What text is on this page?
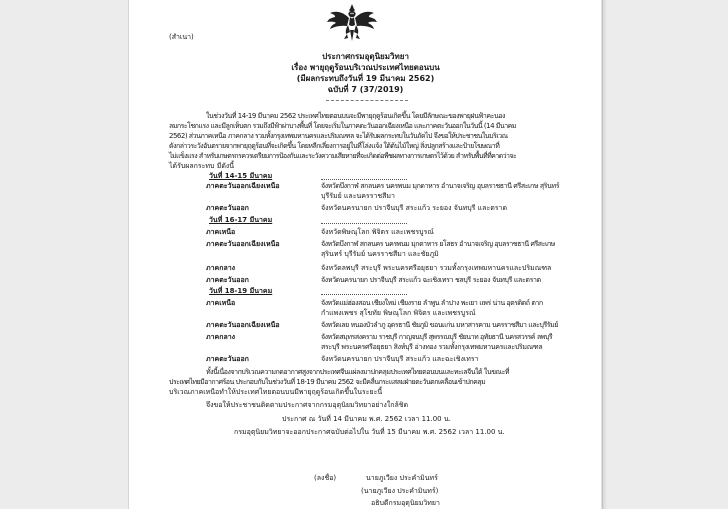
(สำเนา)
ประกาศกรมอุตุนิยมวิทยา
เรื่อง พายุฤดูร้อนบริเวณประเทศไทยตอนบน
(มีผลกระทบถึงวันที่ 19 มีนาคม 2562)
ฉบับที่ 7 (37/2019)
ในช่วงวันที่ 14-19 มีนาคม 2562 ประเทศไทยตอนบนจะมีพายุฤดูร้อนเกิดขึ้น โดยมีลักษณะของพายุฝนฟ้าคะนอง
ลมกระโชกแรง และมีลูกเห็บตก รวมถึงมีฟ้าผ่าบางพื้นที่ โดยจะเริ่มในภาคตะวันออกเฉียงเหนือ และภาคตะวันออกในวันนี้ (14 มีนาคม
2562) ส่วนภาคเหนือ ภาคกลาง รวมทั้งกรุงเทพมหานครและปริมณฑล จะได้รับผลกระทบในวันถัดไป จึงขอให้ประชาชนในบริเวณ
ดังกล่าวระวังอันตรายจากพายุฤดูร้อนที่จะเกิดขึ้น โดยหลีกเลี่ยงการอยู่ในที่โล่งแจ้ง ใต้ต้นไม้ใหญ่ สิ่งปลูกสร้างและป้ายโฆษณาที่
ไม่แข็งแรง สำหรับเกษตรกรควรเตรียมการป้องกันและระวังความเสียหายที่จะเกิดต่อพืชผลทางการเกษตรไว้ด้วย สำหรับพื้นที่ที่คาดว่าจะ
ได้รับผลกระทบ มีดังนี้
วันที่ 14-15 มีนาคม
ภาคตะวันออกเฉียงเหนือ	จังหวัดบึงกาฬ สกลนคร นครพนม มุกดาหาร อำนาจเจริญ อุบลราชธานี ศรีสะเกษ สุรินทร์
บุรีรัมย์ และนครราชสีมา
ภาคตะวันออก	จังหวัดนครนายก ปราจีนบุรี สระแก้ว ระยอง จันทบุรี และตราด
วันที่ 16-17 มีนาคม
ภาคเหนือ	จังหวัดพิษณุโลก พิจิตร และเพชรบูรณ์
ภาคตะวันออกเฉียงเหนือ	จังหวัดบึงกาฬ สกลนคร นครพนม มุกดาหาร ยโสธร อำนาจเจริญ อุบลราชธานี ศรีสะเกษ
สุรินทร์ บุรีรัมย์ นครราชสีมา และชัยภูมิ
ภาคกลาง	จังหวัดลพบุรี สระบุรี พระนครศรีอยุธยา รวมทั้งกรุงเทพมหานครและปริมณฑล
ภาคตะวันออก	จังหวัดนครนายก ปราจีนบุรี สระแก้ว ฉะเชิงเทรา ชลบุรี ระยอง จันทบุรี และตราด
วันที่ 18-19 มีนาคม
ภาคเหนือ	จังหวัดแม่ฮ่องสอน เชียงใหม่ เชียงราย ลำพูน ลำปาง พะเยา แพร่ น่าน อุตรดิตถ์ ตาก
กำแพงเพชร สุโขทัย พิษณุโลก พิจิตร และเพชรบูรณ์
ภาคตะวันออกเฉียงเหนือ	จังหวัดเลย หนองบัวลำภู อุดรธานี ชัยภูมิ ขอนแก่น มหาสารคาม นครราชสีมา และบุรีรัมย์
ภาคกลาง	จังหวัดสมุทรสงคราม ราชบุรี กาญจนบุรี สุพรรณบุรี ชัยนาท อุทัยธานี นครสวรรค์ ลพบุรี
สระบุรี พระนครศรีอยุธยา สิงห์บุรี อ่างทอง รวมทั้งกรุงเทพมหานครและปริมณฑล
ภาคตะวันออก	จังหวัดนครนายก ปราจีนบุรี สระแก้ว และฉะเชิงเทรา
ทั้งนี้เนื่องจากบริเวณความกดอากาศสูงจากประเทศจีนแผ่ลงมาปกคลุมประเทศไทยตอนบนและทะเลจีนใต้ ในขณะที่
ประเทศไทยมีอากาศร้อน ประกอบกับในช่วงวันที่ 18-19 มีนาคม 2562 จะมีคลื่นกระแสลมฝ่ายตะวันตกเคลื่อนเข้าปกคลุม
บริเวณภาคเหนือทำให้ประเทศไทยตอนบนมีพายุฤดูร้อนเกิดขึ้นในระยะนี้
จึงขอให้ประชาชนติดตามประกาศจากกรมอุตุนิยมวิทยาอย่างใกล้ชิด
ประกาศ ณ วันที่ 14 มีนาคม พ.ศ. 2562 เวลา 11.00 น.
กรมอุตุนิยมวิทยาจะออกประกาศฉบับต่อไปใน วันที่ 15 มีนาคม พ.ศ. 2562 เวลา 11.00 น.
(ลงชื่อ)	นายภูเวียง ประคำมินทร์
(นายภูเวียง ประคำมินทร์)
อธิบดีกรมอุตุนิยมวิทยา
